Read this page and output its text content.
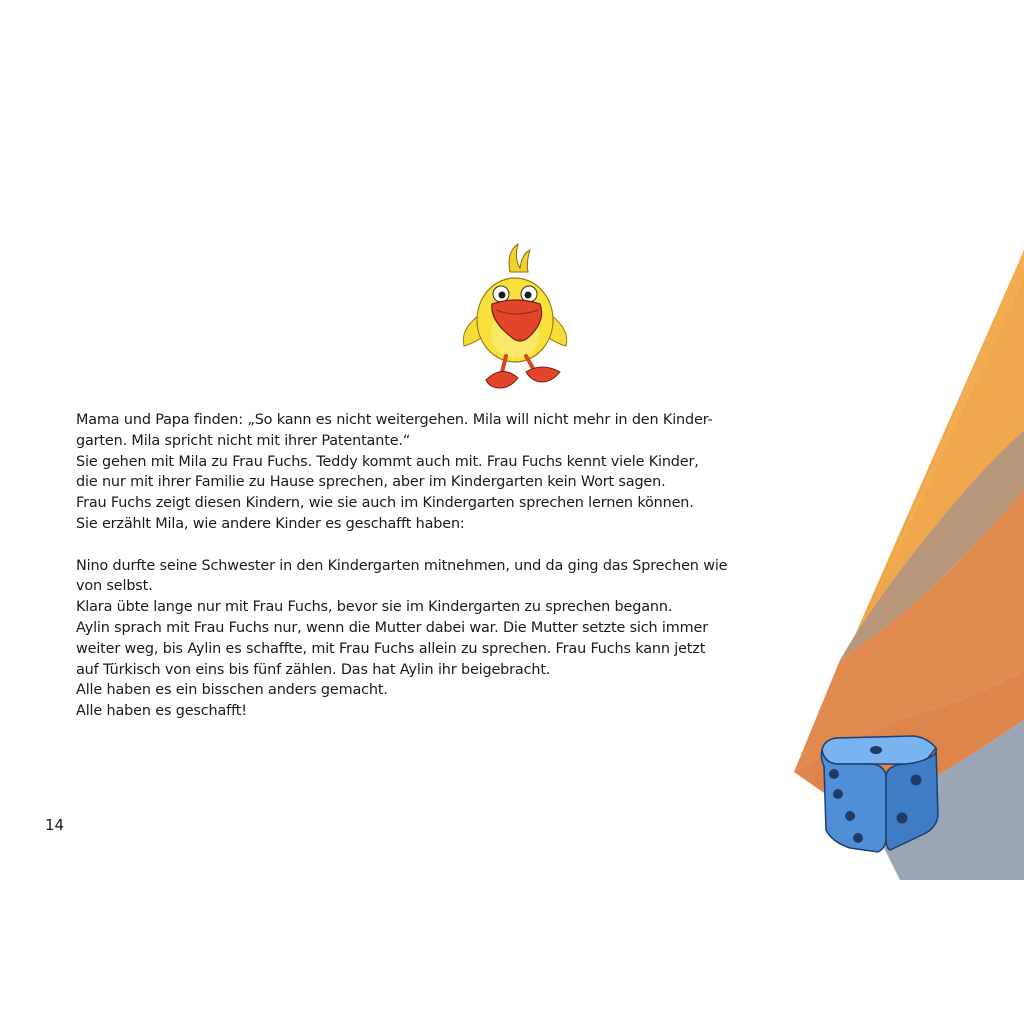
Mama und Papa finden: „So kann es nicht weitergehen. Mila will nicht mehr in den Kinder-

garten. Mila spricht nicht mit ihrer Patentante.“

Sie gehen mit Mila zu Frau Fuchs. Teddy kommt auch mit. Frau Fuchs kennt viele Kinder,

die nur mit ihrer Familie zu Hause sprechen, aber im Kindergarten kein Wort sagen.

Frau Fuchs zeigt diesen Kindern, wie sie auch im Kindergarten sprechen lernen können.

Sie erzählt Mila, wie andere Kinder es geschafft haben:

Nino durfte seine Schwester in den Kindergarten mitnehmen, und da ging das Sprechen wie

von selbst.

Klara übte lange nur mit Frau Fuchs, bevor sie im Kindergarten zu sprechen begann.

Aylin sprach mit Frau Fuchs nur, wenn die Mutter dabei war. Die Mutter setzte sich immer

weiter weg, bis Aylin es schaffte, mit Frau Fuchs allein zu sprechen. Frau Fuchs kann jetzt

auf Türkisch von eins bis fünf zählen. Das hat Aylin ihr beigebracht.

Alle haben es ein bisschen anders gemacht.

Alle haben es geschafft!

14
